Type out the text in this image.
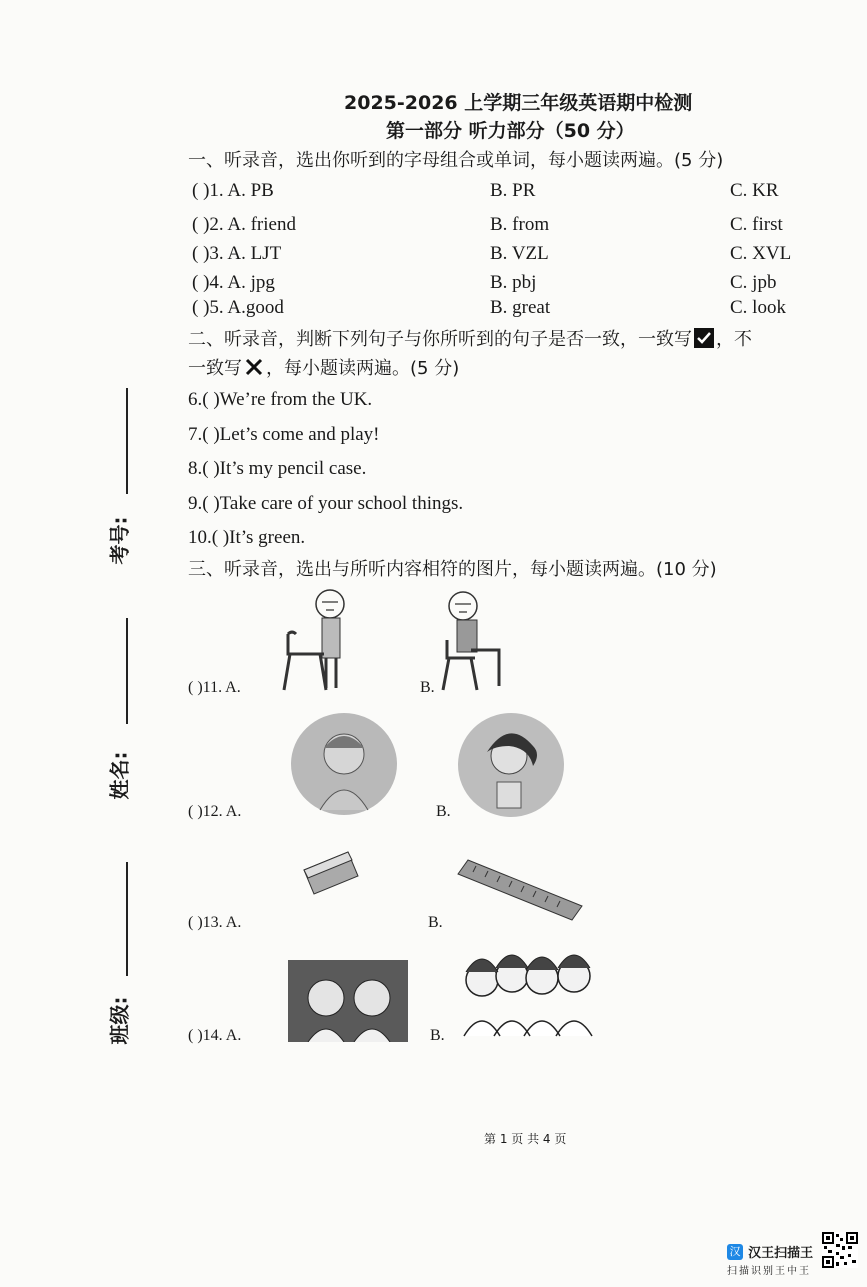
2025-2026 上学期三年级英语期中检测
第一部分 听力部分（50 分）
一、听录音，选出你听到的字母组合或单词，每小题读两遍。(5 分)
( )1. A. PB	B. PR	C. KR
( )2. A. friend	B. from	C. first
( )3. A. LJT	B. VZL	C. XVL
( )4. A. jpg	B. pbj	C. jpb
( )5. A.good	B. great	C. look
二、听录音，判断下列句子与你所听到的句子是否一致，一致写 ，不
一致写 ，每小题读两遍。(5 分)
6.( )We’re from the UK.
7.( )Let’s come and play!
8.( )It’s my pencil case.
9.( )Take care of your school things.
10.( )It’s green.
三、听录音，选出与所听内容相符的图片，每小题读两遍。(10 分)
( )11. A.	B.
( )12. A.	B.
( )13. A.	B.
( )14. A.	B.
考号:
姓名:
班级:
第 1 页 共 4 页
汉 汉王扫描王
扫描识别王中王
